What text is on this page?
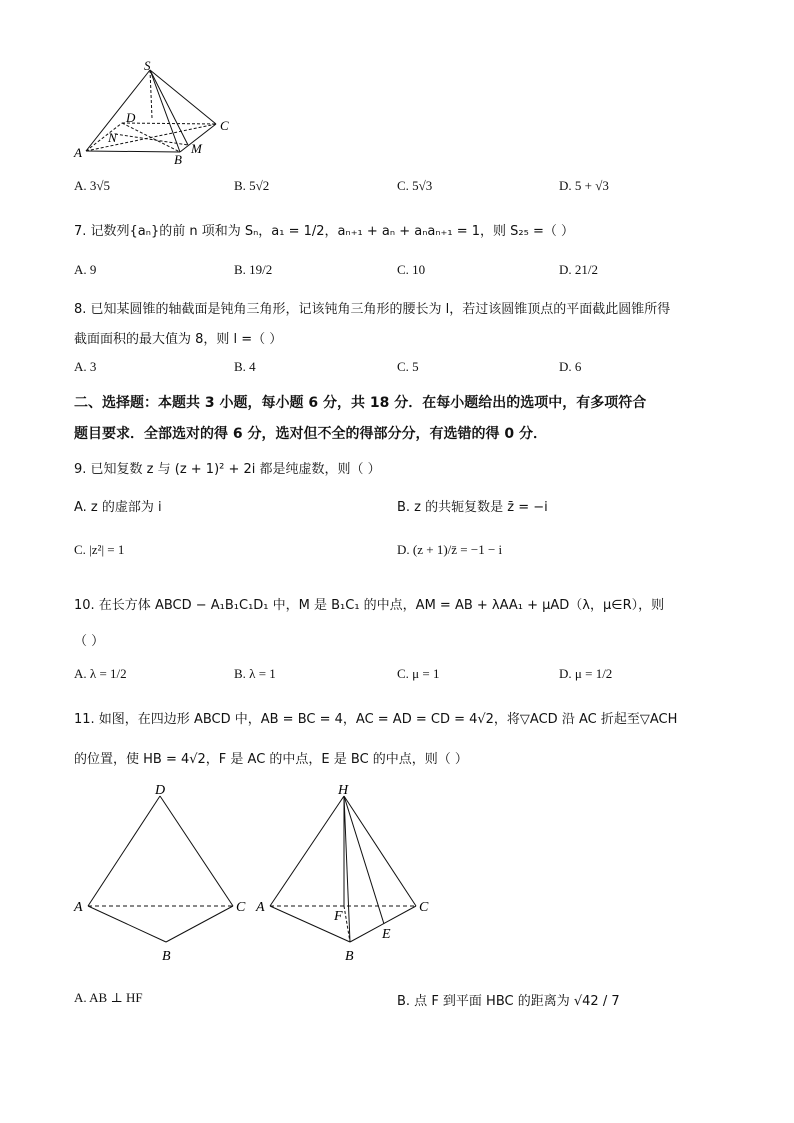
S
D
C
N
A	B
M
A. 3√5	B. 5√2	C. 5√3	D. 5 + √3
7. 记数列{aₙ}的前 n 项和为 Sₙ，a₁ = 1/2，aₙ₊₁ + aₙ + aₙaₙ₊₁ = 1，则 S₂₅ =（ ）
A. 9	B. 19/2	C. 10	D. 21/2
8. 已知某圆锥的轴截面是钝角三角形，记该钝角三角形的腰长为 l，若过该圆锥顶点的平面截此圆锥所得
截面面积的最大值为 8，则 l =（ ）
A. 3	B. 4	C. 5	D. 6
二、选择题：本题共 3 小题，每小题 6 分，共 18 分．在每小题给出的选项中，有多项符合
题目要求．全部选对的得 6 分，选对但不全的得部分分，有选错的得 0 分．
9. 已知复数 z 与 (z + 1)² + 2i 都是纯虚数，则（ ）
A. z 的虚部为 i	B. z 的共轭复数是 z̄ = −i
C. |z²| = 1	D. (z + 1)/z̄ = −1 − i
10. 在长方体 ABCD − A₁B₁C₁D₁ 中，M 是 B₁C₁ 的中点，AM = AB + λAA₁ + μAD（λ，μ∈R），则
（ ）
A. λ = 1/2	B. λ = 1	C. μ = 1	D. μ = 1/2
11. 如图，在四边形 ABCD 中，AB = BC = 4，AC = AD = CD = 4√2，将▽ACD 沿 AC 折起至▽ACH
的位置，使 HB = 4√2，F 是 AC 的中点，E 是 BC 的中点，则（ ）
D
A	C
B
H
A	C
F
E
B
A. AB ⊥ HF	B. 点 F 到平面 HBC 的距离为 √42 / 7
